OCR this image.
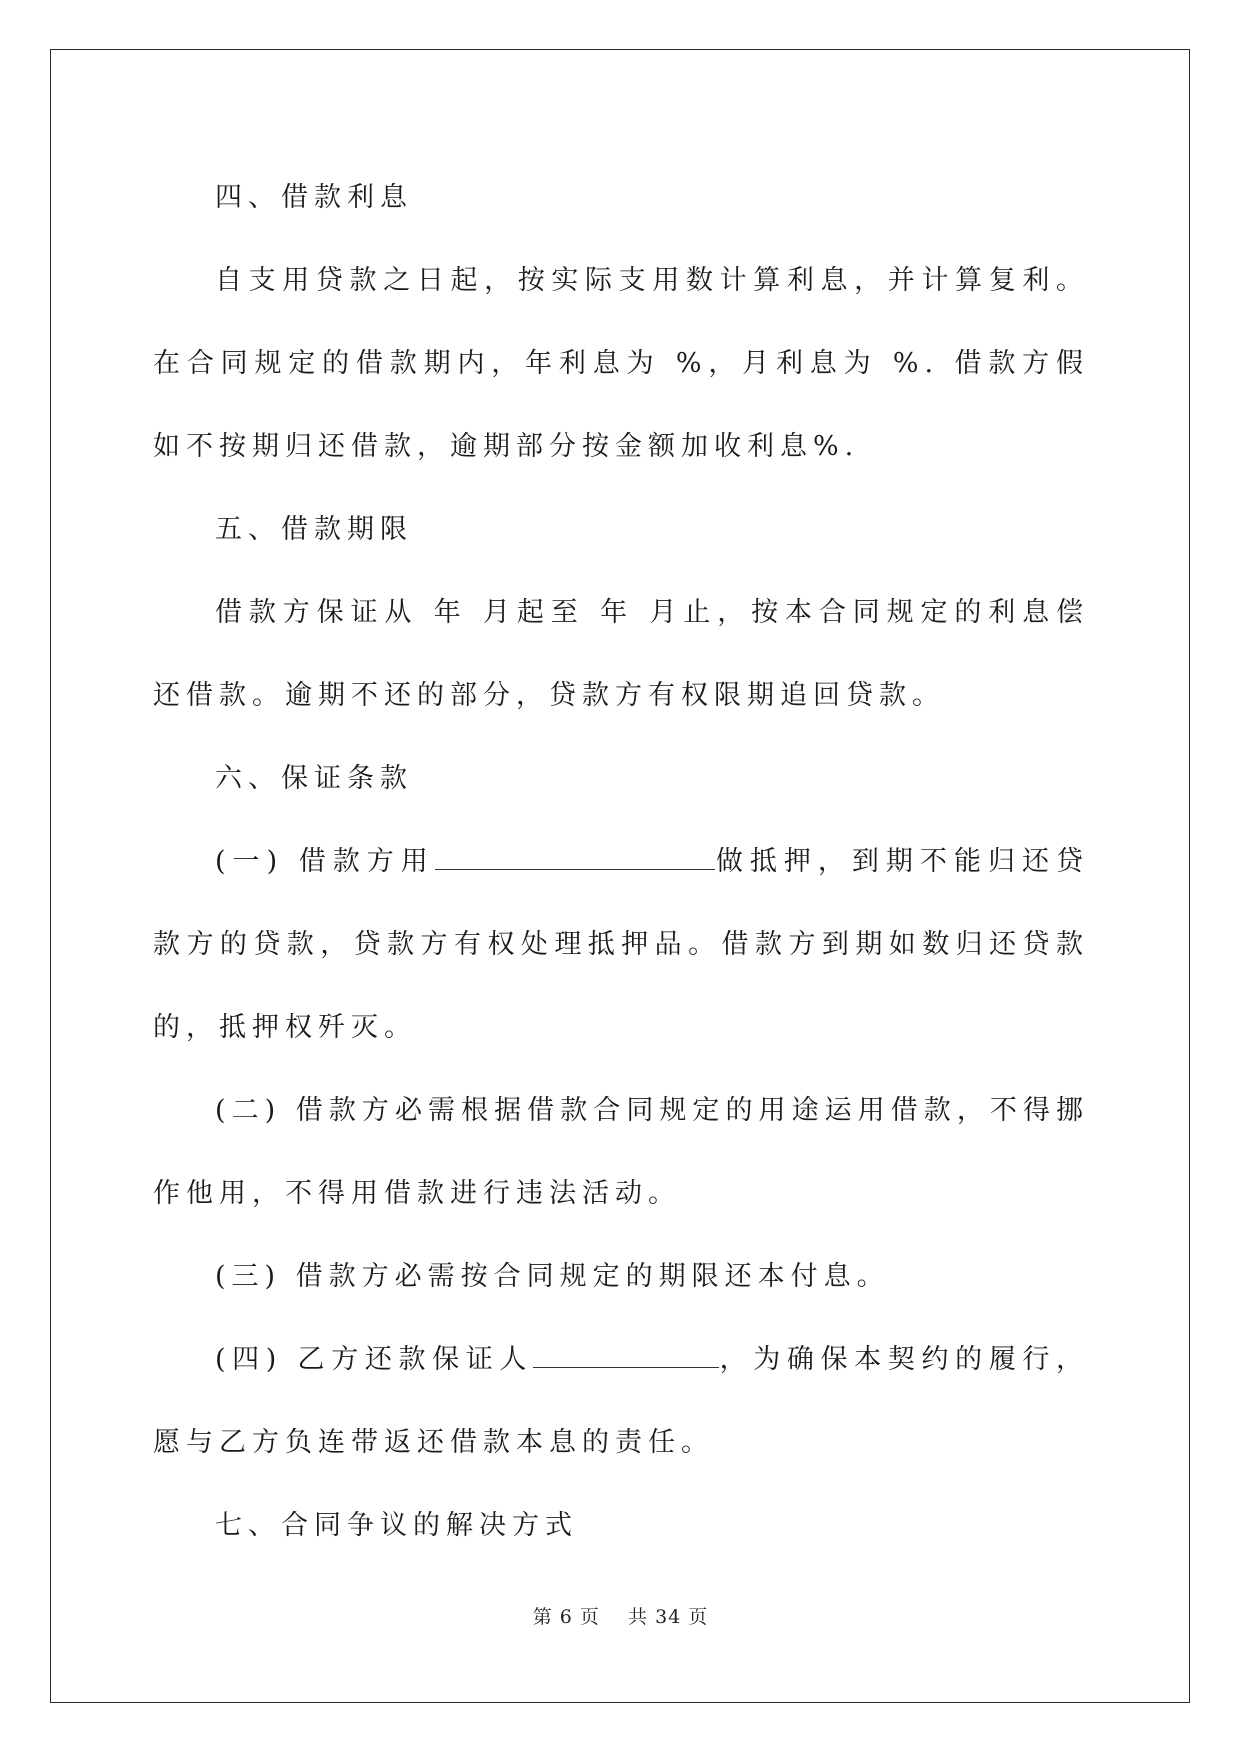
四、借款利息

自支用贷款之日起，按实际支用数计算利息，并计算复利。在合同规定的借款期内，年利息为 %，月利息为 %. 借款方假如不按期归还借款，逾期部分按金额加收利息%.

五、借款期限

借款方保证从 年 月起至 年 月止，按本合同规定的利息偿还借款。逾期不还的部分，贷款方有权限期追回贷款。

六、保证条款

(一) 借款方用	做抵押，到期不能归还贷款方的贷款，贷款方有权处理抵押品。借款方到期如数归还贷款的，抵押权歼灭。

(二) 借款方必需根据借款合同规定的用途运用借款，不得挪作他用，不得用借款进行违法活动。

(三) 借款方必需按合同规定的期限还本付息。

(四) 乙方还款保证人	，为确保本契约的履行，愿与乙方负连带返还借款本息的责任。

七、合同争议的解决方式

第 6 页    共 34 页
